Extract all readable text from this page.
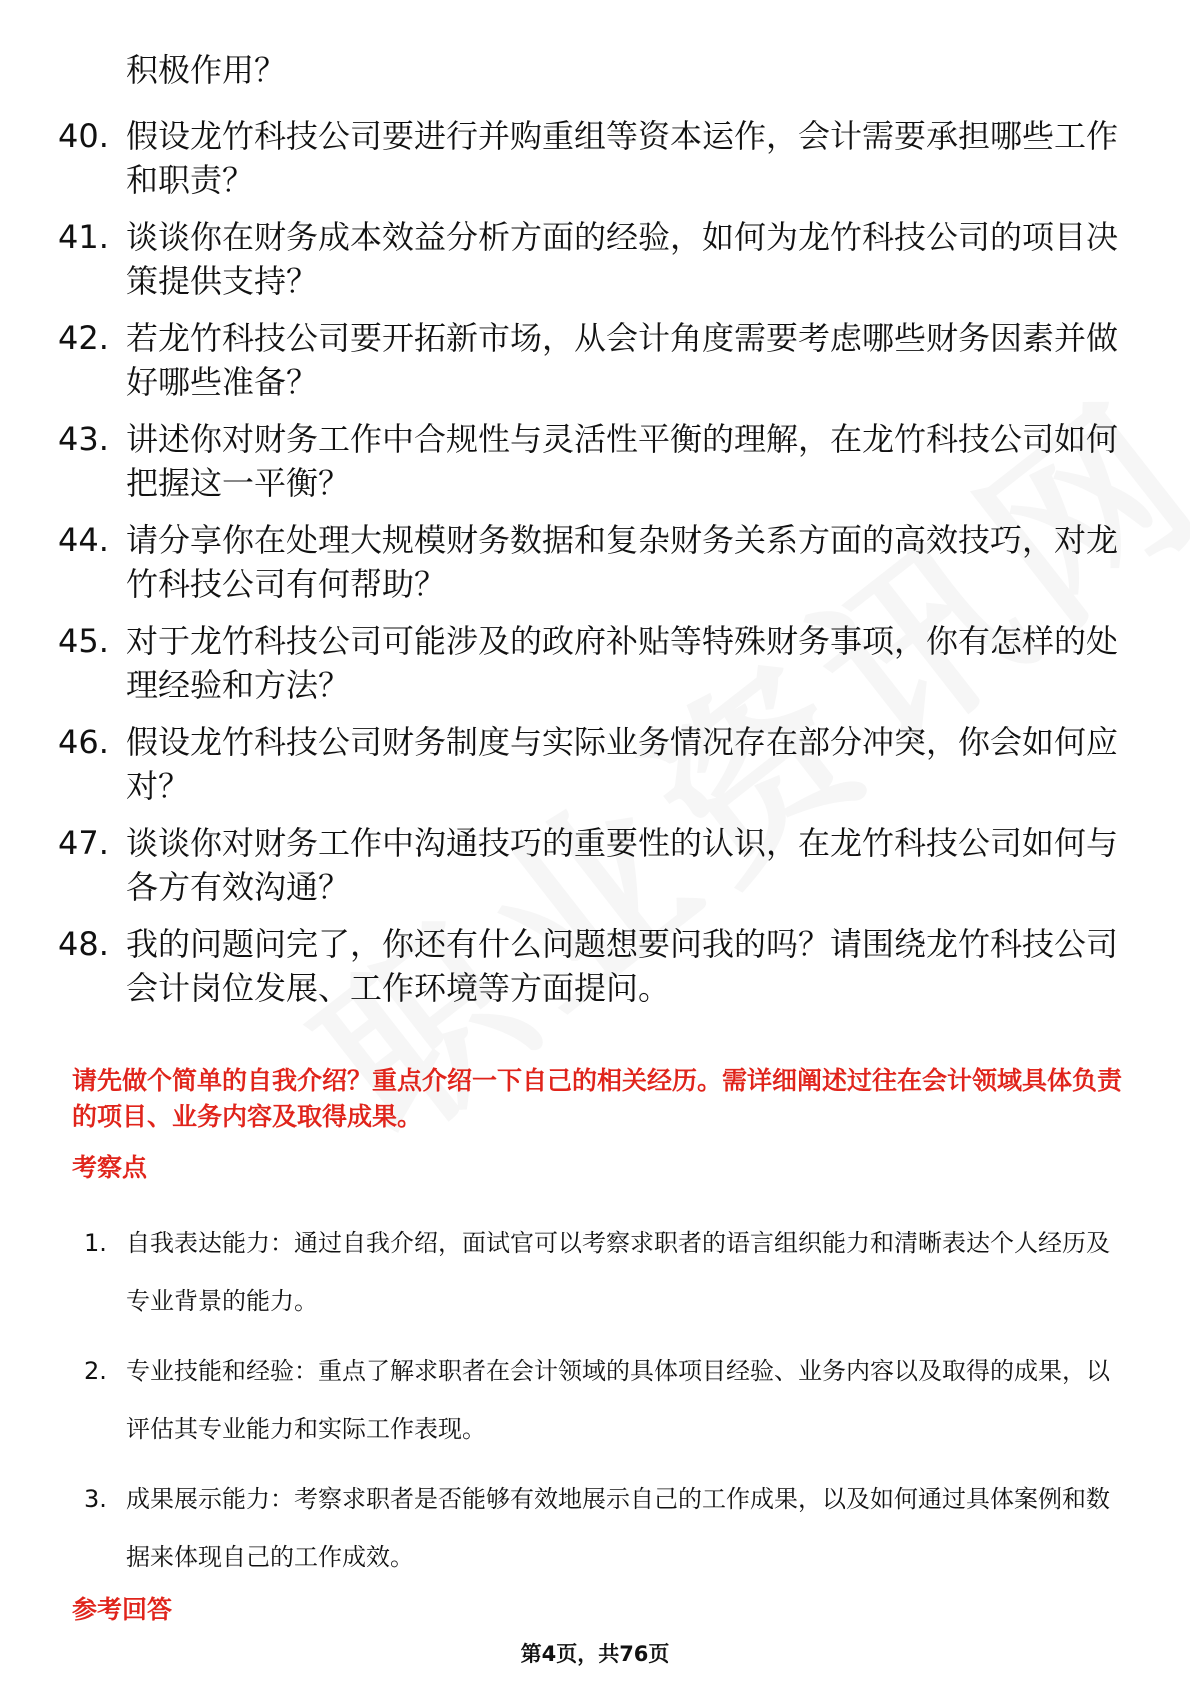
积极作用？
40. 假设龙竹科技公司要进行并购重组等资本运作，会计需要承担哪些工作和职责？
41. 谈谈你在财务成本效益分析方面的经验，如何为龙竹科技公司的项目决策提供支持？
42. 若龙竹科技公司要开拓新市场，从会计角度需要考虑哪些财务因素并做好哪些准备？
43. 讲述你对财务工作中合规性与灵活性平衡的理解，在龙竹科技公司如何把握这一平衡？
44. 请分享你在处理大规模财务数据和复杂财务关系方面的高效技巧，对龙竹科技公司有何帮助？
45. 对于龙竹科技公司可能涉及的政府补贴等特殊财务事项，你有怎样的处理经验和方法？
46. 假设龙竹科技公司财务制度与实际业务情况存在部分冲突，你会如何应对？
47. 谈谈你对财务工作中沟通技巧的重要性的认识，在龙竹科技公司如何与各方有效沟通？
48. 我的问题问完了，你还有什么问题想要问我的吗？请围绕龙竹科技公司会计岗位发展、工作环境等方面提问。
请先做个简单的自我介绍？重点介绍一下自己的相关经历。需详细阐述过往在会计领域具体负责的项目、业务内容及取得成果。
考察点
1. 自我表达能力：通过自我介绍，面试官可以考察求职者的语言组织能力和清晰表达个人经历及专业背景的能力。
2. 专业技能和经验：重点了解求职者在会计领域的具体项目经验、业务内容以及取得的成果，以评估其专业能力和实际工作表现。
3. 成果展示能力：考察求职者是否能够有效地展示自己的工作成果，以及如何通过具体案例和数据来体现自己的工作成效。
参考回答
第4页，共76页
